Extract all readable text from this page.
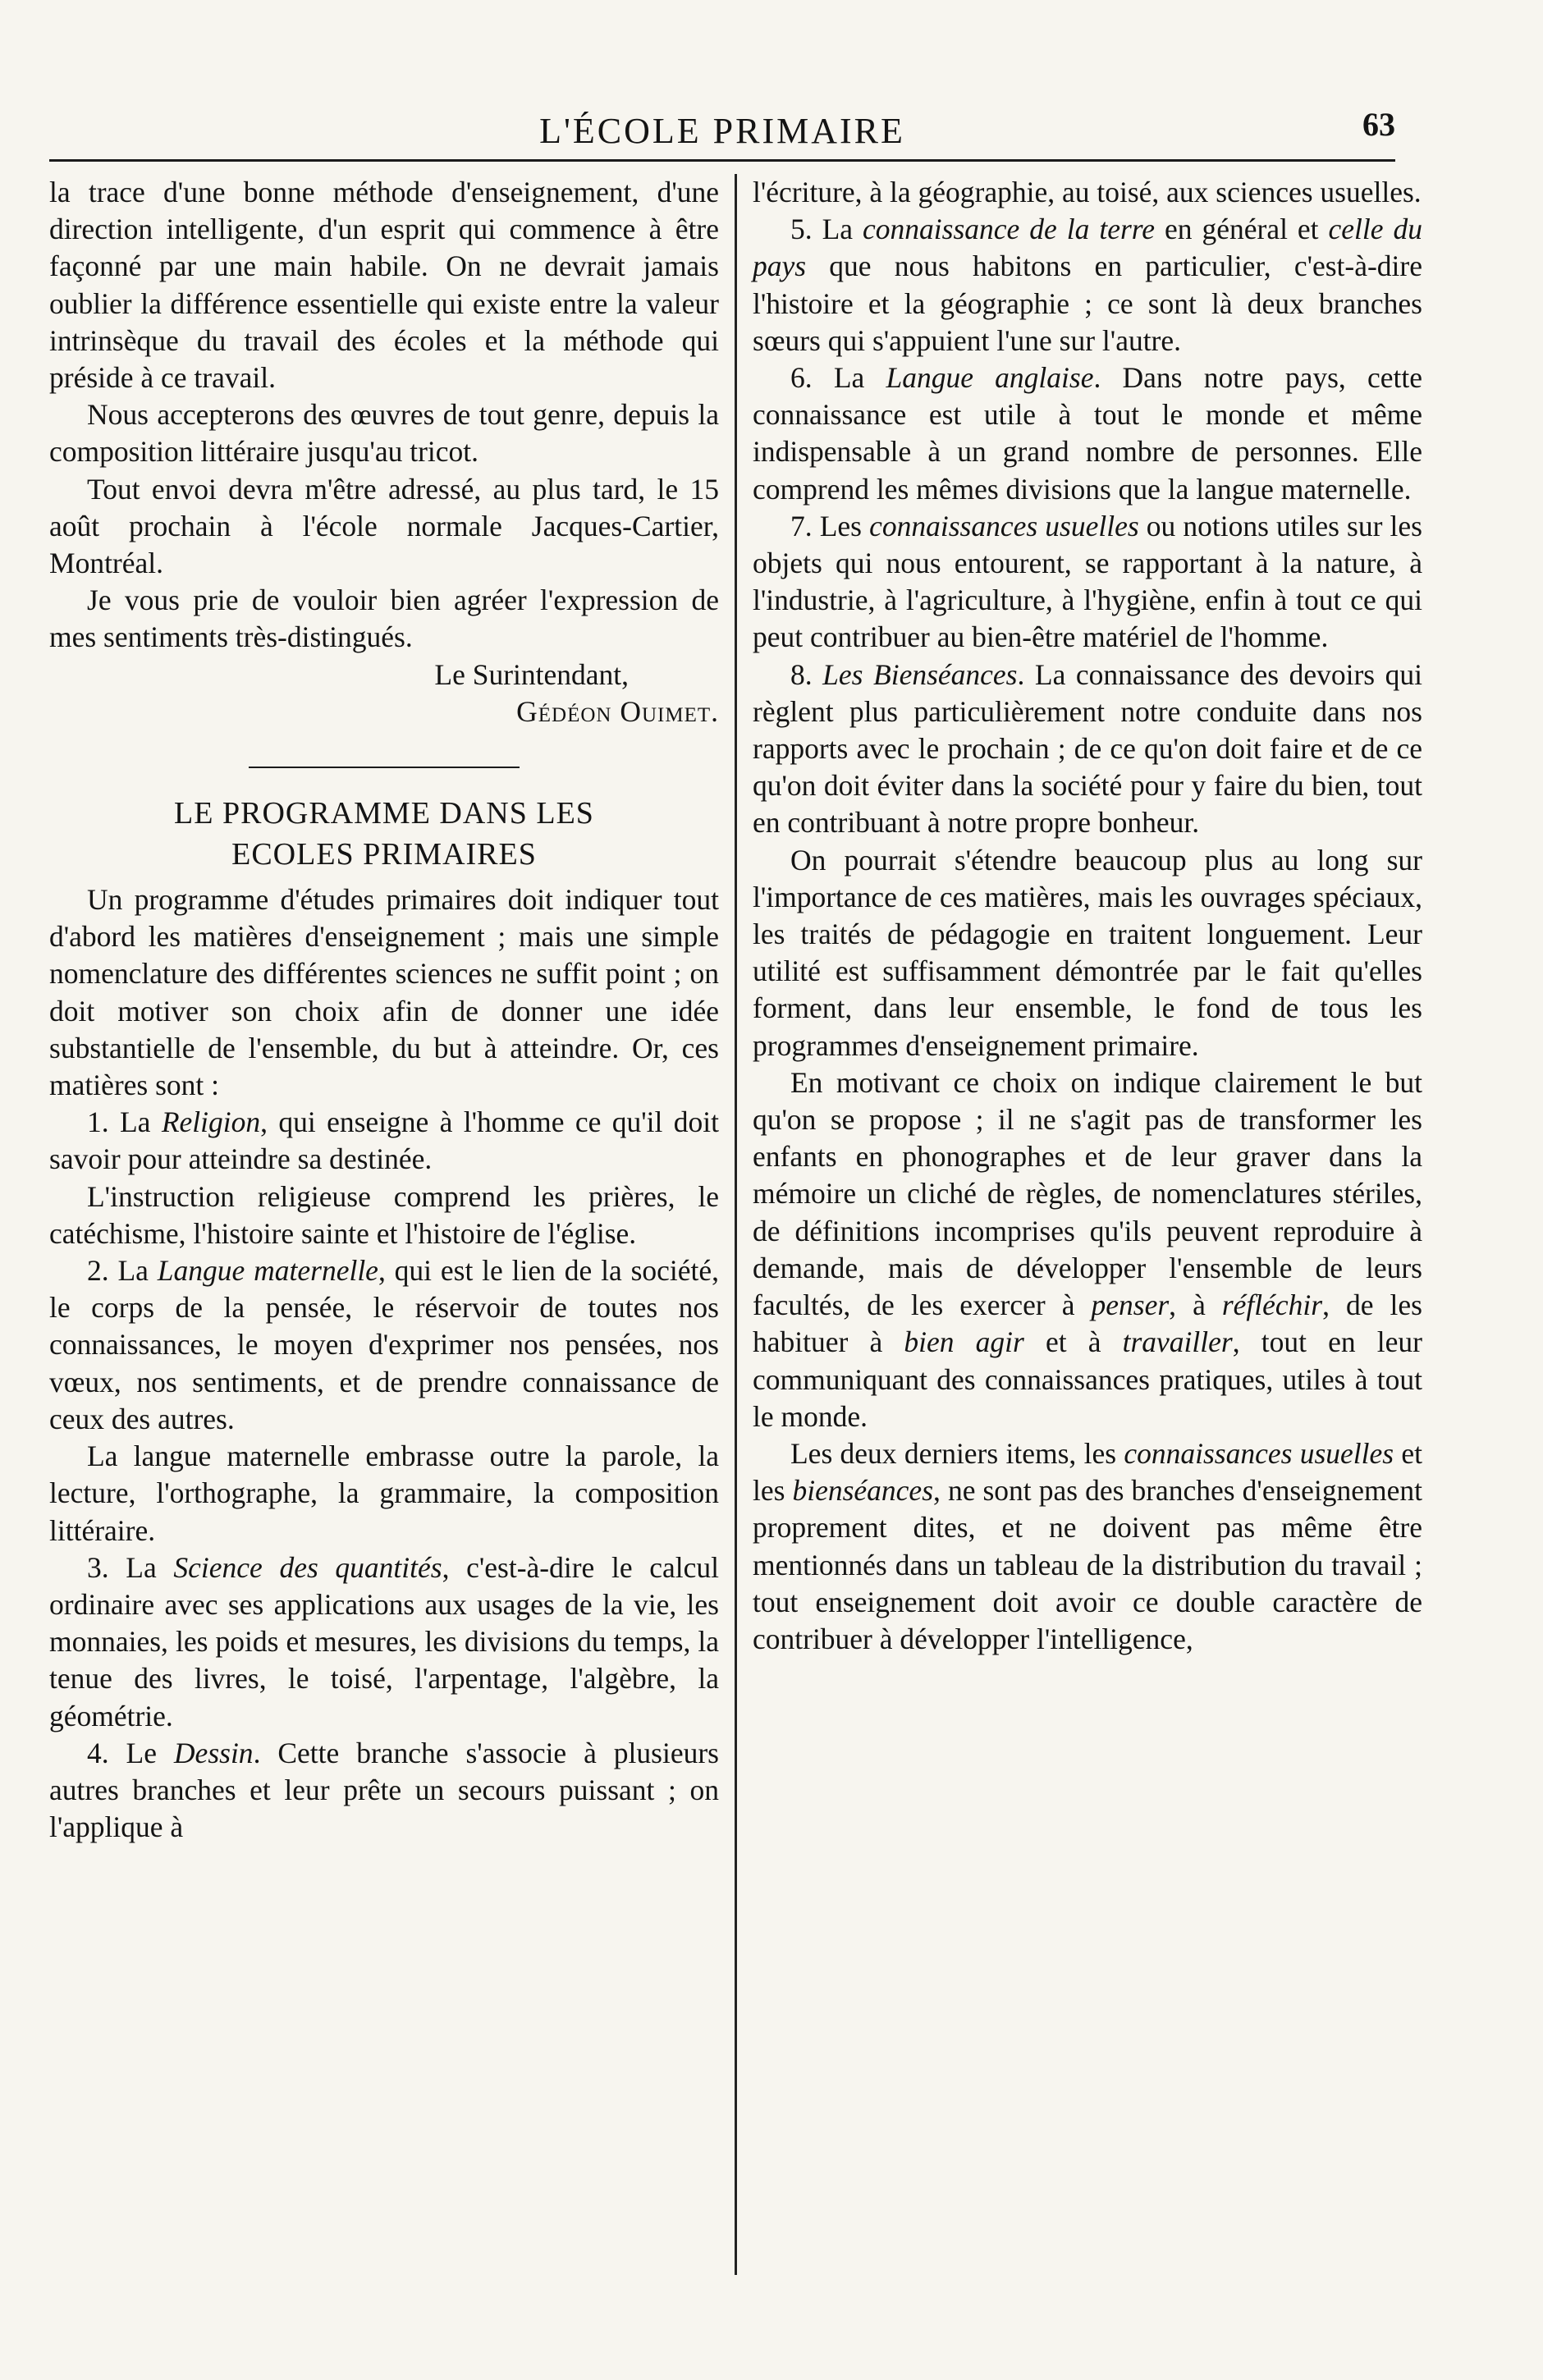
L'ÉCOLE PRIMAIRE	63

la trace d'une bonne méthode d'enseignement, d'une direction intelligente, d'un esprit qui commence à être façonné par une main habile. On ne devrait jamais oublier la différence essentielle qui existe entre la valeur intrinsèque du travail des écoles et la méthode qui préside à ce travail.

Nous accepterons des œuvres de tout genre, depuis la composition littéraire jusqu'au tricot.

Tout envoi devra m'être adressé, au plus tard, le 15 août prochain à l'école normale Jacques-Cartier, Montréal.

Je vous prie de vouloir bien agréer l'expression de mes sentiments très-distingués.

Le Surintendant,

Gédéon Ouimet.

LE PROGRAMME DANS LES
ECOLES PRIMAIRES

Un programme d'études primaires doit indiquer tout d'abord les matières d'enseignement ; mais une simple nomenclature des différentes sciences ne suffit point ; on doit motiver son choix afin de donner une idée substantielle de l'ensemble, du but à atteindre. Or, ces matières sont :

1. La Religion, qui enseigne à l'homme ce qu'il doit savoir pour atteindre sa destinée.

L'instruction religieuse comprend les prières, le catéchisme, l'histoire sainte et l'histoire de l'église.

2. La Langue maternelle, qui est le lien de la société, le corps de la pensée, le réservoir de toutes nos connaissances, le moyen d'exprimer nos pensées, nos vœux, nos sentiments, et de prendre connaissance de ceux des autres.

La langue maternelle embrasse outre la parole, la lecture, l'orthographe, la grammaire, la composition littéraire.

3. La Science des quantités, c'est-à-dire le calcul ordinaire avec ses applications aux usages de la vie, les monnaies, les poids et mesures, les divisions du temps, la tenue des livres, le toisé, l'arpentage, l'algèbre, la géométrie.

4. Le Dessin. Cette branche s'associe à plusieurs autres branches et leur prête un secours puissant ; on l'applique à

l'écriture, à la géographie, au toisé, aux sciences usuelles.

5. La connaissance de la terre en général et celle du pays que nous habitons en particulier, c'est-à-dire l'histoire et la géographie ; ce sont là deux branches sœurs qui s'appuient l'une sur l'autre.

6. La Langue anglaise. Dans notre pays, cette connaissance est utile à tout le monde et même indispensable à un grand nombre de personnes. Elle comprend les mêmes divisions que la langue maternelle.

7. Les connaissances usuelles ou notions utiles sur les objets qui nous entourent, se rapportant à la nature, à l'industrie, à l'agriculture, à l'hygiène, enfin à tout ce qui peut contribuer au bien-être matériel de l'homme.

8. Les Bienséances. La connaissance des devoirs qui règlent plus particulièrement notre conduite dans nos rapports avec le prochain ; de ce qu'on doit faire et de ce qu'on doit éviter dans la société pour y faire du bien, tout en contribuant à notre propre bonheur.

On pourrait s'étendre beaucoup plus au long sur l'importance de ces matières, mais les ouvrages spéciaux, les traités de pédagogie en traitent longuement. Leur utilité est suffisamment démontrée par le fait qu'elles forment, dans leur ensemble, le fond de tous les programmes d'enseignement primaire.

En motivant ce choix on indique clairement le but qu'on se propose ; il ne s'agit pas de transformer les enfants en phonographes et de leur graver dans la mémoire un cliché de règles, de nomenclatures stériles, de définitions incomprises qu'ils peuvent reproduire à demande, mais de développer l'ensemble de leurs facultés, de les exercer à penser, à réfléchir, de les habituer à bien agir et à travailler, tout en leur communiquant des connaissances pratiques, utiles à tout le monde.

Les deux derniers items, les connaissances usuelles et les bienséances, ne sont pas des branches d'enseignement proprement dites, et ne doivent pas même être mentionnés dans un tableau de la distribution du travail ; tout enseignement doit avoir ce double caractère de contribuer à développer l'intelligence,
